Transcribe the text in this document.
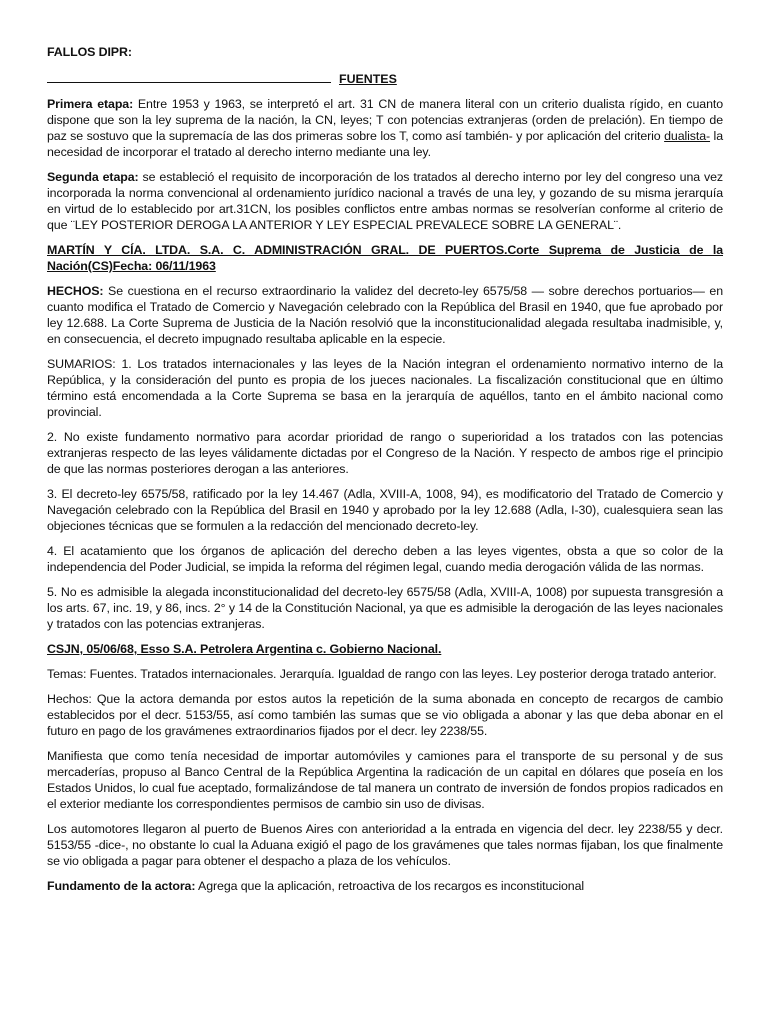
FALLOS DIPR:

FUENTES

Primera etapa: Entre 1953 y 1963, se interpretó el art. 31 CN de manera literal con un criterio dualista rígido, en cuanto dispone que son la ley suprema de la nación, la CN, leyes; T con potencias extranjeras (orden de prelación). En tiempo de paz se sostuvo que la supremacía de las dos primeras sobre los T, como así también- y por aplicación del criterio dualista- la necesidad de incorporar el tratado al derecho interno mediante una ley.

Segunda etapa: se estableció el requisito de incorporación de los tratados al derecho interno por ley del congreso una vez incorporada la norma convencional al ordenamiento jurídico nacional a través de una ley, y gozando de su misma jerarquía en virtud de lo establecido por art.31CN, los posibles conflictos entre ambas normas se resolverían conforme al criterio de que ¨LEY POSTERIOR DEROGA LA ANTERIOR Y LEY ESPECIAL PREVALECE SOBRE LA GENERAL¨.

MARTÍN Y CÍA. LTDA. S.A. C. ADMINISTRACIÓN GRAL. DE PUERTOS.Corte Suprema de Justicia de la Nación(CS)Fecha: 06/11/1963

HECHOS: Se cuestiona en el recurso extraordinario la validez del decreto-ley 6575/58 — sobre derechos portuarios— en cuanto modifica el Tratado de Comercio y Navegación celebrado con la República del Brasil en 1940, que fue aprobado por ley 12.688. La Corte Suprema de Justicia de la Nación resolvió que la inconstitucionalidad alegada resultaba inadmisible, y, en consecuencia, el decreto impugnado resultaba aplicable en la especie.

SUMARIOS: 1. Los tratados internacionales y las leyes de la Nación integran el ordenamiento normativo interno de la República, y la consideración del punto es propia de los jueces nacionales. La fiscalización constitucional que en último término está encomendada a la Corte Suprema se basa en la jerarquía de aquéllos, tanto en el ámbito nacional como provincial.

2. No existe fundamento normativo para acordar prioridad de rango o superioridad a los tratados con las potencias extranjeras respecto de las leyes válidamente dictadas por el Congreso de la Nación. Y respecto de ambos rige el principio de que las normas posteriores derogan a las anteriores.

3. El decreto-ley 6575/58, ratificado por la ley 14.467 (Adla, XVIII-A, 1008, 94), es modificatorio del Tratado de Comercio y Navegación celebrado con la República del Brasil en 1940 y aprobado por la ley 12.688 (Adla, I-30), cualesquiera sean las objeciones técnicas que se formulen a la redacción del mencionado decreto-ley.

4. El acatamiento que los órganos de aplicación del derecho deben a las leyes vigentes, obsta a que so color de la independencia del Poder Judicial, se impida la reforma del régimen legal, cuando media derogación válida de las normas.

5. No es admisible la alegada inconstitucionalidad del decreto-ley 6575/58 (Adla, XVIII-A, 1008) por supuesta transgresión a los arts. 67, inc. 19, y 86, incs. 2° y 14 de la Constitución Nacional, ya que es admisible la derogación de las leyes nacionales y tratados con las potencias extranjeras.

CSJN, 05/06/68, Esso S.A. Petrolera Argentina c. Gobierno Nacional.

Temas: Fuentes. Tratados internacionales. Jerarquía. Igualdad de rango con las leyes. Ley posterior deroga tratado anterior.

Hechos: Que la actora demanda por estos autos la repetición de la suma abonada en concepto de recargos de cambio establecidos por el decr. 5153/55, así como también las sumas que se vio obligada a abonar y las que deba abonar en el futuro en pago de los gravámenes extraordinarios fijados por el decr. ley 2238/55.

Manifiesta que como tenía necesidad de importar automóviles y camiones para el transporte de su personal y de sus mercaderías, propuso al Banco Central de la República Argentina la radicación de un capital en dólares que poseía en los Estados Unidos, lo cual fue aceptado, formalizándose de tal manera un contrato de inversión de fondos propios radicados en el exterior mediante los correspondientes permisos de cambio sin uso de divisas.

Los automotores llegaron al puerto de Buenos Aires con anterioridad a la entrada en vigencia del decr. ley 2238/55 y decr. 5153/55 -dice-, no obstante lo cual la Aduana exigió el pago de los gravámenes que tales normas fijaban, los que finalmente se vio obligada a pagar para obtener el despacho a plaza de los vehículos.

Fundamento de la actora: Agrega que la aplicación, retroactiva de los recargos es inconstitucional
